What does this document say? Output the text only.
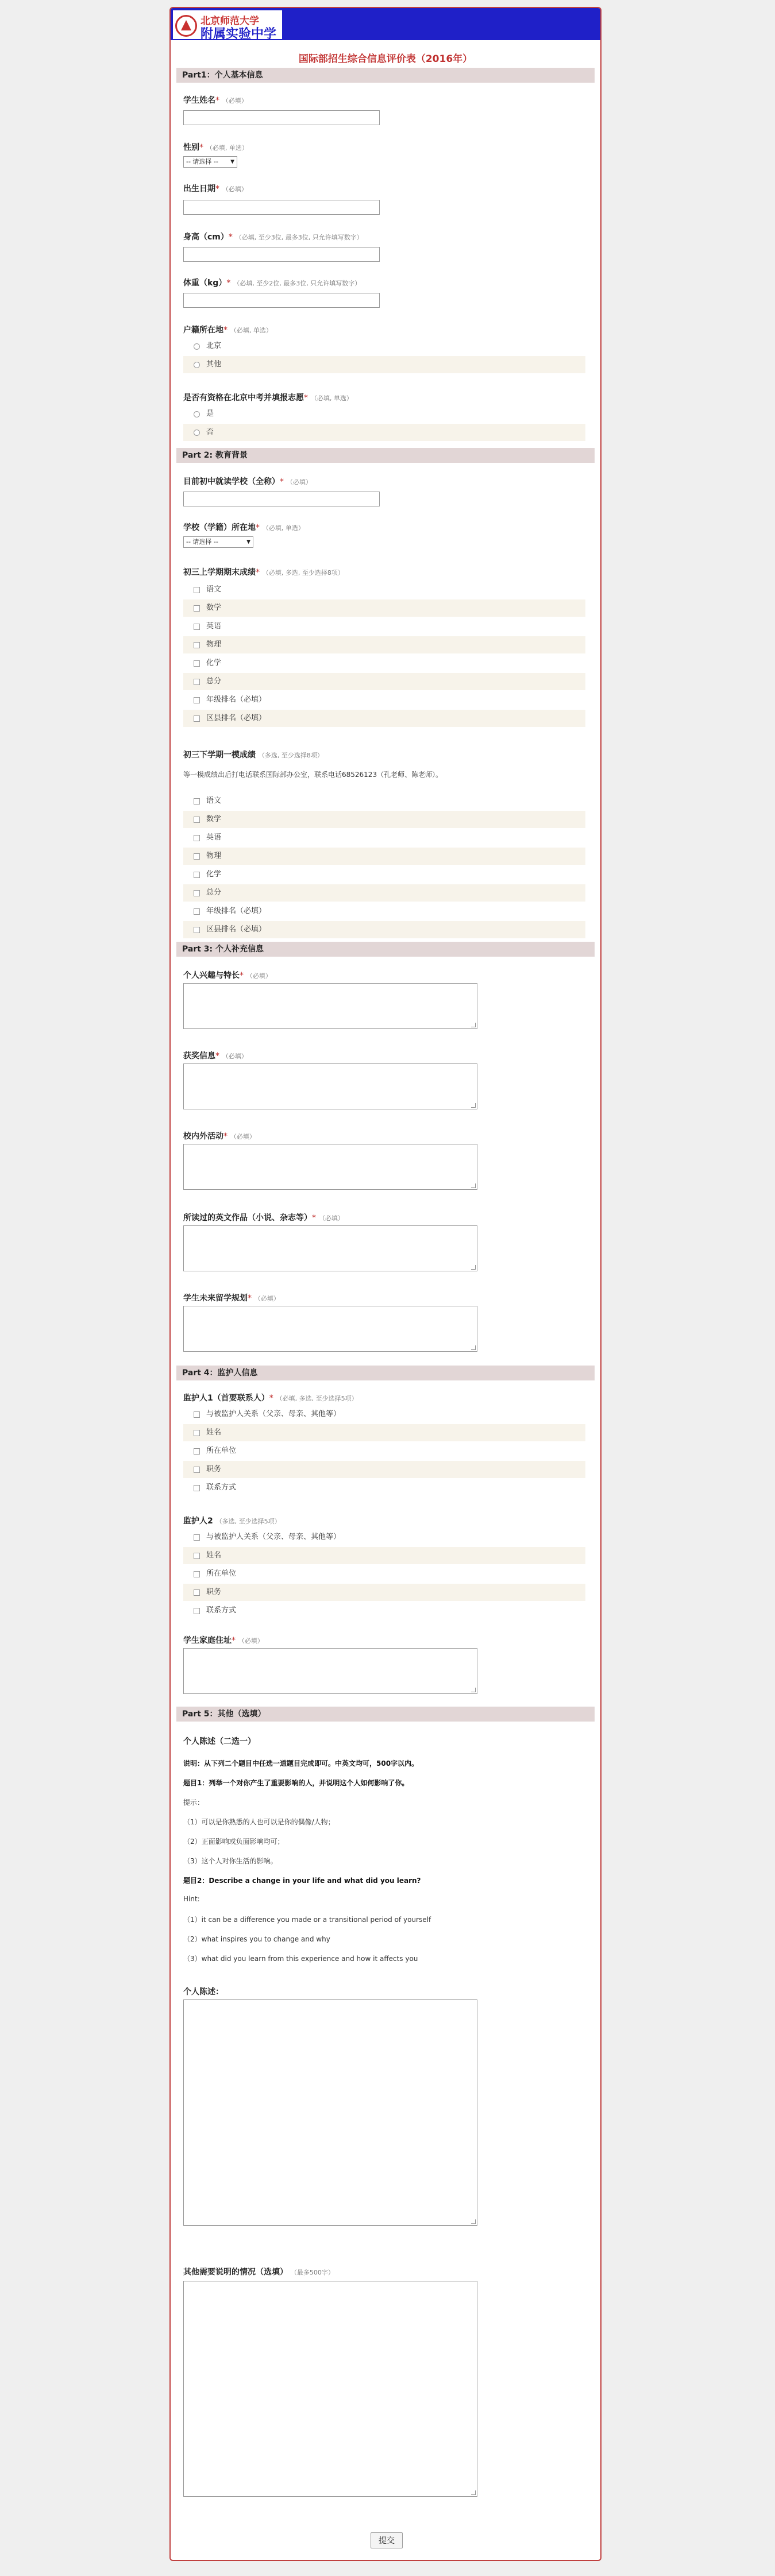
北京师范大学
附属实验中学
国际部招生综合信息评价表（2016年）
Part1：个人基本信息
学生姓名* （必填）
性别* （必填, 单选）
-- 请选择 -- ▼
出生日期* （必填）
身高（cm）* （必填, 至少3位, 最多3位, 只允许填写数字）
体重（kg）* （必填, 至少2位, 最多3位, 只允许填写数字）
户籍所在地* （必填, 单选）
北京
其他
是否有资格在北京中考并填报志愿* （必填, 单选）
是
否
Part 2: 教育背景
目前初中就读学校（全称）* （必填）
学校（学籍）所在地* （必填, 单选）
-- 请选择 --	▼
初三上学期期末成绩* （必填, 多选, 至少选择8项）
语文
数学
英语
物理
化学
总分
年级排名（必填）
区县排名（必填）
初三下学期一模成绩 （多选, 至少选择8项）
等一模成绩出后打电话联系国际部办公室，联系电话68526123（孔老师、陈老师）。
语文
数学
英语
物理
化学
总分
年级排名（必填）
区县排名（必填）
Part 3: 个人补充信息
个人兴趣与特长* （必填）
获奖信息* （必填）
校内外活动* （必填）
所读过的英文作品（小说、杂志等）* （必填）
学生未来留学规划* （必填）
Part 4：监护人信息
监护人1（首要联系人）* （必填, 多选, 至少选择5项）
与被监护人关系（父亲、母亲、其他等）
姓名
所在单位
职务
联系方式
监护人2 （多选, 至少选择5项）
与被监护人关系（父亲、母亲、其他等）
姓名
所在单位
职务
联系方式
学生家庭住址* （必填）
Part 5：其他（选填）
个人陈述（二选一）
说明：从下列二个题目中任选一道题目完成即可。中英文均可，500字以内。
题目1：列举一个对你产生了重要影响的人，并说明这个人如何影响了你。
提示：
（1）可以是你熟悉的人也可以是你的偶像/人物；
（2）正面影响或负面影响均可；
（3）这个人对你生活的影响。
题目2：Describe a change in your life and what did you learn?
Hint:
（1）it can be a difference you made or a transitional period of yourself
（2）what inspires you to change and why
（3）what did you learn from this experience and how it affects you
个人陈述：
其他需要说明的情况（选填） （最多500字）
提交
